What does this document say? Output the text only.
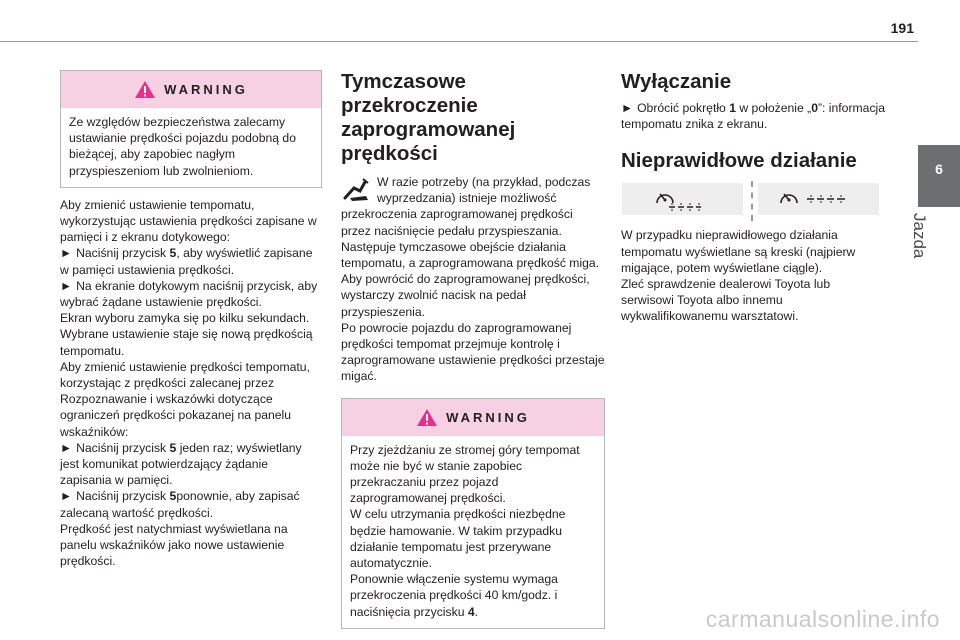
191
6
Jazda
WARNING

Ze względów bezpieczeństwa zalecamy ustawianie prędkości pojazdu podobną do bieżącej, aby zapobiec nagłym przyspieszeniom lub zwolnieniom.

Aby zmienić ustawienie tempomatu, wykorzystując ustawienia prędkości zapisane w pamięci i z ekranu dotykowego:

► Naciśnij przycisk 5, aby wyświetlić zapisane w pamięci ustawienia prędkości.

► Na ekranie dotykowym naciśnij przycisk, aby wybrać żądane ustawienie prędkości.

Ekran wyboru zamyka się po kilku sekundach.

Wybrane ustawienie staje się nową prędkością tempomatu.

Aby zmienić ustawienie prędkości tempomatu, korzystając z prędkości zalecanej przez Rozpoznawanie i wskazówki dotyczące ograniczeń prędkości pokazanej na panelu wskaźników:

► Naciśnij przycisk 5 jeden raz; wyświetlany jest komunikat potwierdzający żądanie zapisania w pamięci.

► Naciśnij przycisk 5ponownie, aby zapisać zalecaną wartość prędkości.

Prędkość jest natychmiast wyświetlana na panelu wskaźników jako nowe ustawienie prędkości.

Tymczasowe przekroczenie zaprogramowanej prędkości

W razie potrzeby (na przykład, podczas wyprzedzania) istnieje możliwość przekroczenia zaprogramowanej prędkości przez naciśnięcie pedału przyspieszania.

Następuje tymczasowe obejście działania tempomatu, a zaprogramowana prędkość miga.

Aby powrócić do zaprogramowanej prędkości, wystarczy zwolnić nacisk na pedał przyspieszenia.

Po powrocie pojazdu do zaprogramowanej prędkości tempomat przejmuje kontrolę i zaprogramowane ustawienie prędkości przestaje migać.

WARNING

Przy zjeżdżaniu ze stromej góry tempomat może nie być w stanie zapobiec przekraczaniu przez pojazd zaprogramowanej prędkości.

W celu utrzymania prędkości niezbędne będzie hamowanie. W takim przypadku działanie tempomatu jest przerywane automatycznie.

Ponownie włączenie systemu wymaga przekroczenia prędkości 40 km/godz. i naciśnięcia przycisku 4.

Wyłączanie

► Obrócić pokrętło 1 w położenie „0”: informacja tempomatu znika z ekranu.

Nieprawidłowe działanie

W przypadku nieprawidłowego działania tempomatu wyświetlane są kreski (najpierw migające, potem wyświetlane ciągle).

Zleć sprawdzenie dealerowi Toyota lub serwisowi Toyota albo innemu wykwalifikowanemu warsztatowi.

carmanualsonline.info
